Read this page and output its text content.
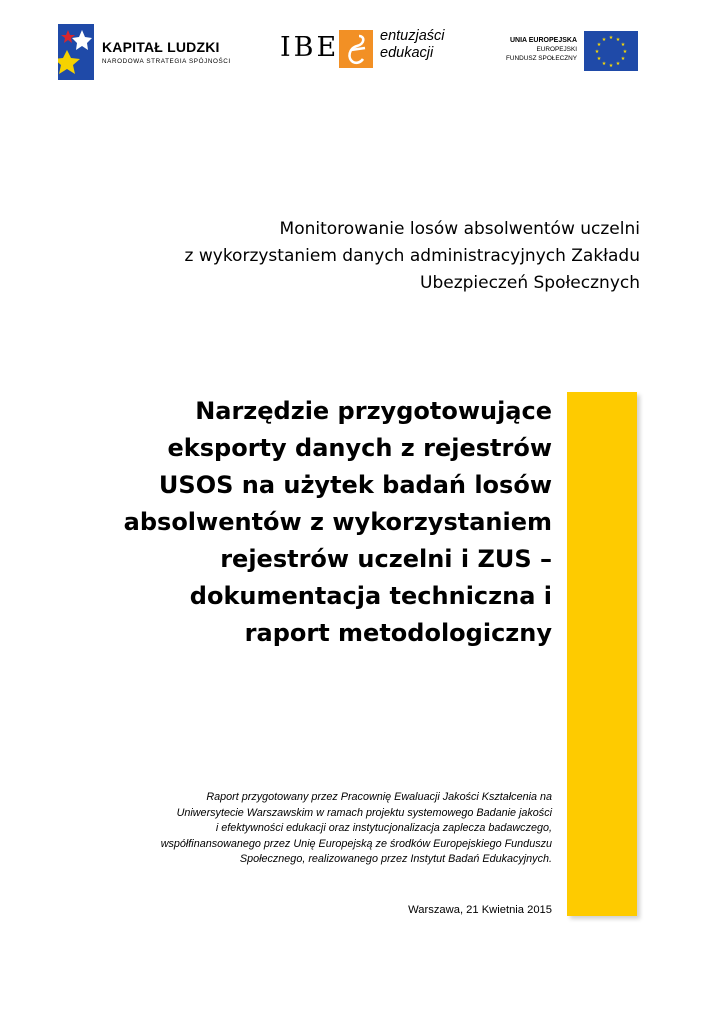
KAPITAŁ LUDZKI
NARODOWA STRATEGIA SPÓJNOŚCI IBE	entuzjaści
edukacji
UNIA EUROPEJSKA
EUROPEJSKI
FUNDUSZ SPOŁECZNY
★ ★
★
★
★
★
★
★
★
★
★
★
Monitorowanie losów absolwentów uczelni
z wykorzystaniem danych administracyjnych Zakładu
Ubezpieczeń Społecznych
Narzędzie przygotowujące
eksporty danych z rejestrów
USOS na użytek badań losów
absolwentów z wykorzystaniem
rejestrów uczelni i ZUS –
dokumentacja techniczna i
raport metodologiczny
Raport przygotowany przez Pracownię Ewaluacji Jakości Kształcenia na
Uniwersytecie Warszawskim w ramach projektu systemowego Badanie jakości
i efektywności edukacji oraz instytucjonalizacja zaplecza badawczego,
współfinansowanego przez Unię Europejską ze środków Europejskiego Funduszu
Społecznego, realizowanego przez Instytut Badań Edukacyjnych.
Warszawa, 21 Kwietnia 2015
